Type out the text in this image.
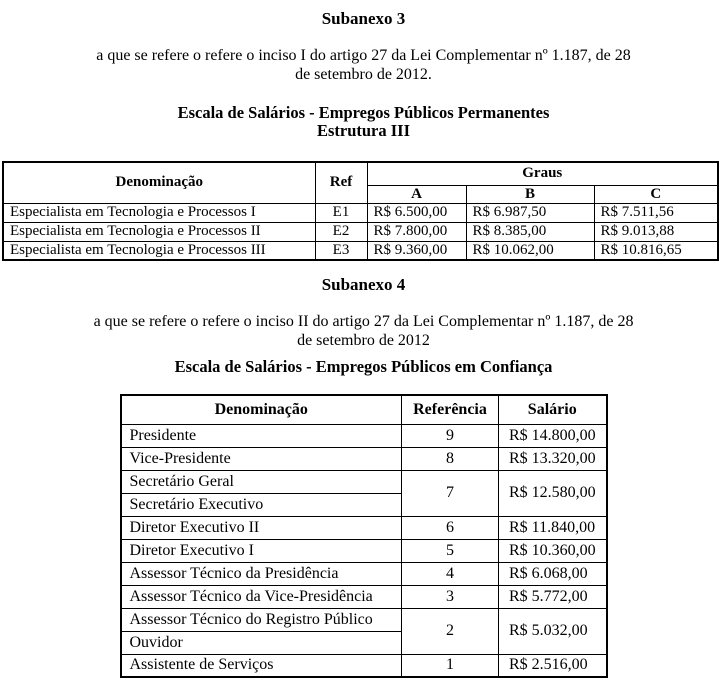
Subanexo 3
a que se refere o refere o inciso I do artigo 27 da Lei Complementar nº 1.187, de 28
de setembro de 2012.
Escala de Salários - Empregos Públicos Permanentes
Estrutura III
Denominação	Ref	Graus		
		A	B	C
Especialista em Tecnologia e Processos I	E1	R$ 6.500,00	R$ 6.987,50	R$ 7.511,56
Especialista em Tecnologia e Processos II	E2	R$ 7.800,00	R$ 8.385,00	R$ 9.013,88
Especialista em Tecnologia e Processos III	E3	R$ 9.360,00	R$ 10.062,00	R$ 10.816,65
Subanexo 4
a que se refere o refere o inciso II do artigo 27 da Lei Complementar nº 1.187, de 28
de setembro de 2012
Escala de Salários - Empregos Públicos em Confiança
Denominação	Referência	Salário
Presidente	9	R$ 14.800,00
Vice-Presidente	8	R$ 13.320,00
Secretário Geral	7	R$ 12.580,00
Secretário Executivo		
Diretor Executivo II	6	R$ 11.840,00
Diretor Executivo I	5	R$ 10.360,00
Assessor Técnico da Presidência	4	R$ 6.068,00
Assessor Técnico da Vice-Presidência	3	R$ 5.772,00
Assessor Técnico do Registro Público	2	R$ 5.032,00
Ouvidor		
Assistente de Serviços	1	R$ 2.516,00
